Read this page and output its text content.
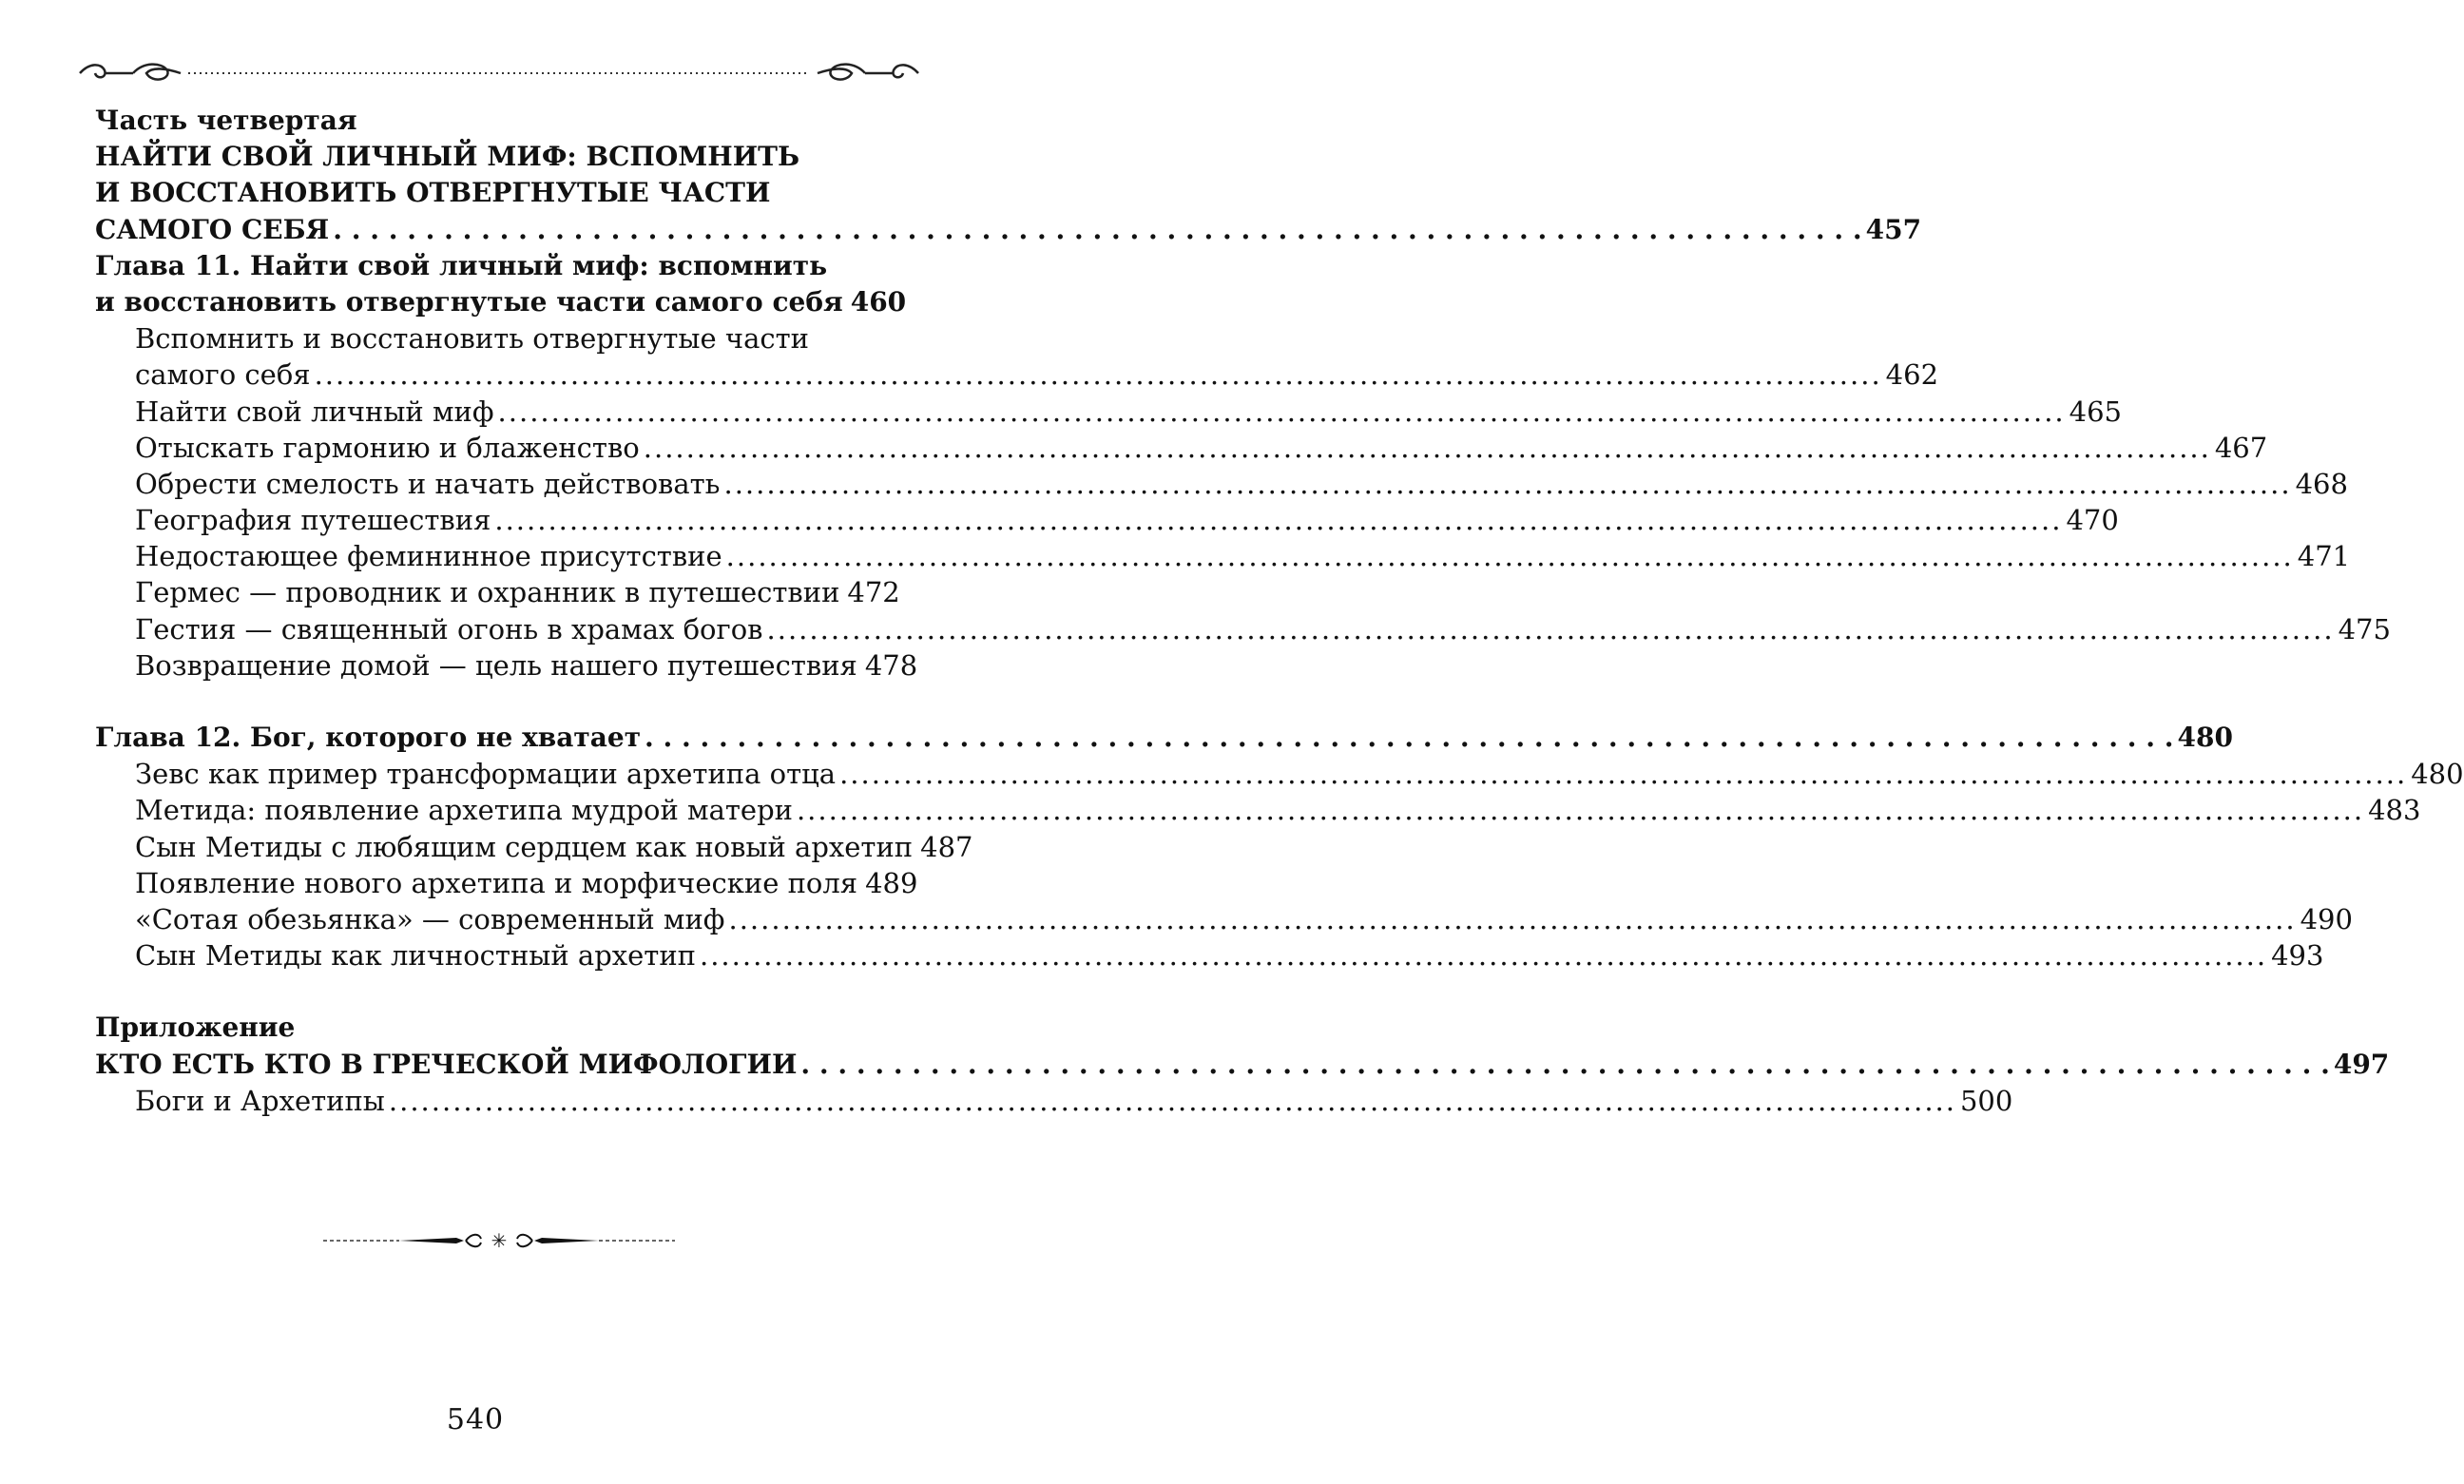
Часть четвертая
НАЙТИ СВОЙ ЛИЧНЫЙ МИФ: ВСПОМНИТЬ
И ВОССТАНОВИТЬ ОТВЕРГНУТЫЕ ЧАСТИ
САМОГО СЕБЯ . . .	457
Глава 11. Найти свой личный миф: вспомнить
и восстановить отвергнутые части самого себя 460
Вспомнить и восстановить отвергнутые части
самого себя .....	462
Найти свой личный миф .....	465
Отыскать гармонию и блаженство .....	467
Обрести смелость и начать действовать .....	468
География путешествия .....	470
Недостающее фемининное присутствие .....	471
Гермес — проводник и охранник в путешествии 472
Гестия — священный огонь в храмах богов .....	475
Возвращение домой — цель нашего путешествия 478
Глава 12. Бог, которого не хватает . . .	480
Зевс как пример трансформации архетипа отца .....	480
Метида: появление архетипа мудрой матери .....	483
Сын Метиды с любящим сердцем как новый архетип 487
Появление нового архетипа и морфические поля 489
«Сотая обезьянка» — современный миф .....	490
Сын Метиды как личностный архетип .....	493
Приложение
КТО ЕСТЬ КТО В ГРЕЧЕСКОЙ МИФОЛОГИИ . . .	497
Боги и Архетипы .....	500
✳
540
